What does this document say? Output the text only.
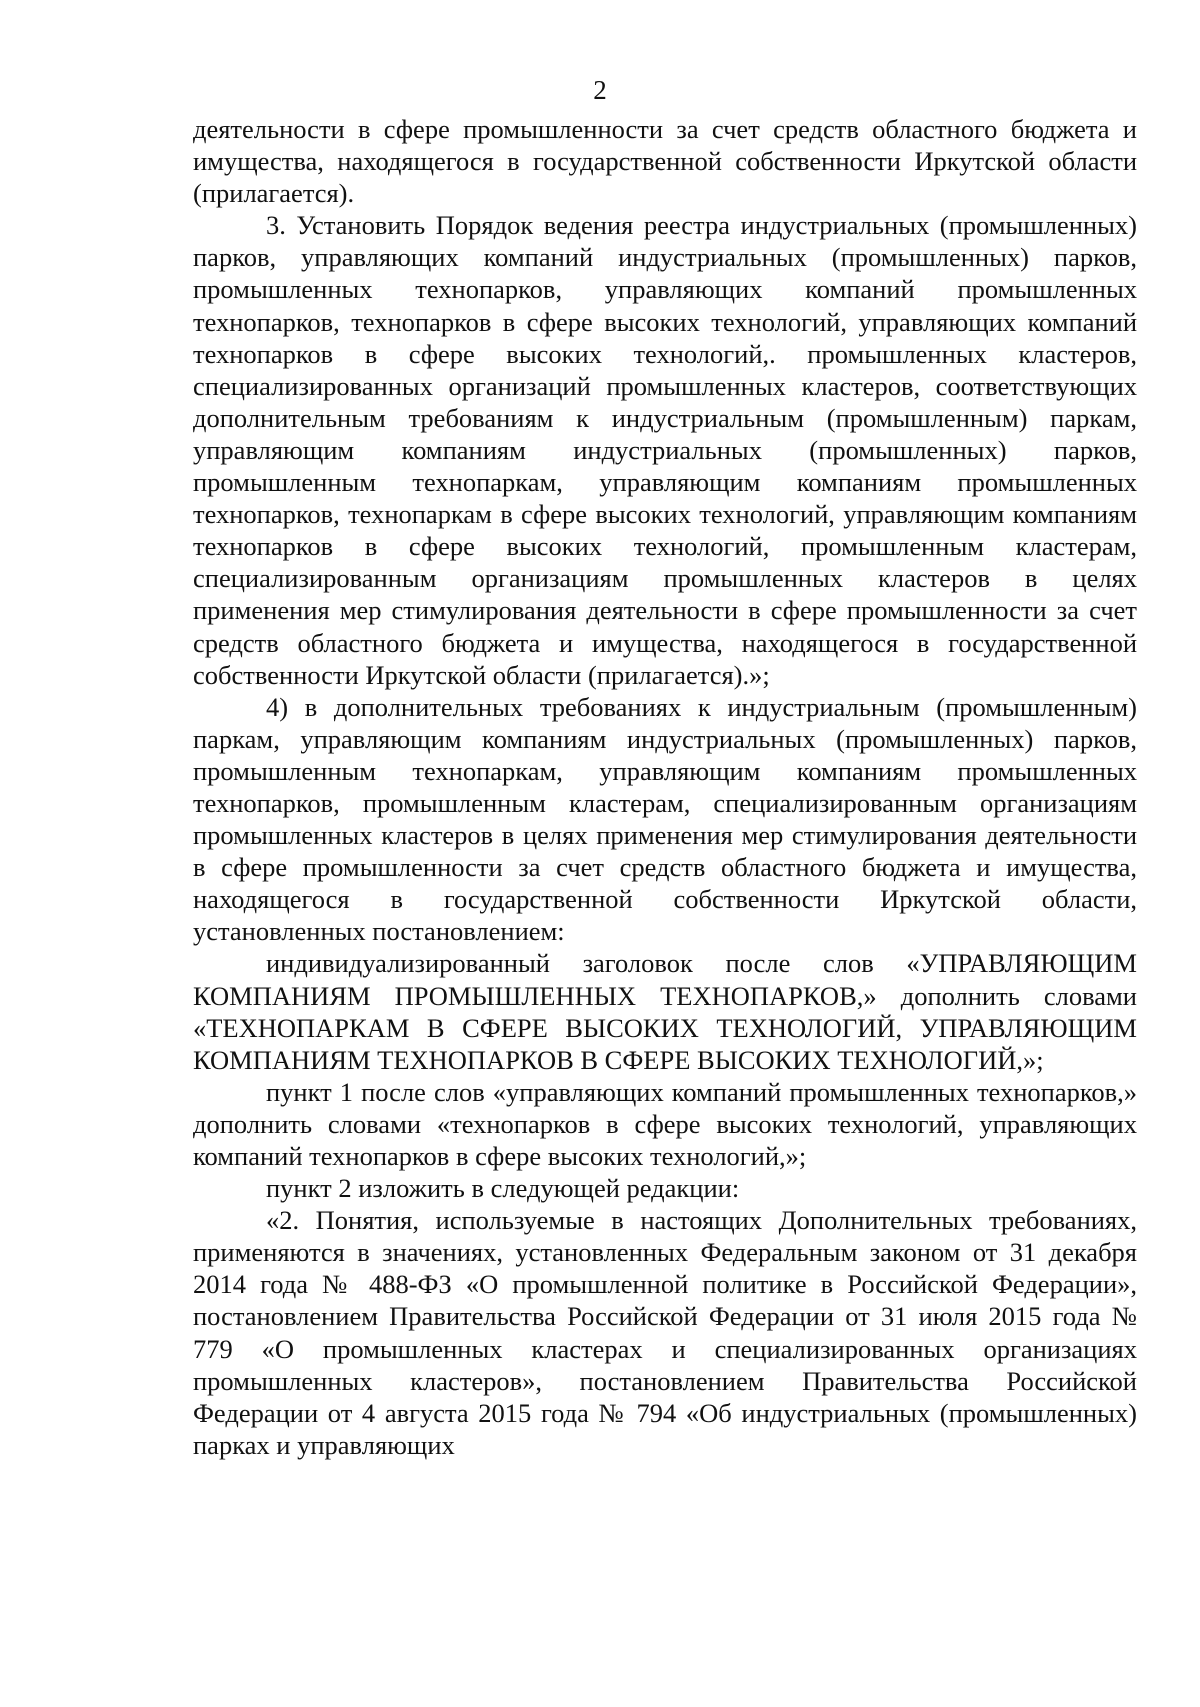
2

деятельности в сфере промышленности за счет средств областного бюджета и имущества, находящегося в государственной собственности Иркутской области (прилагается).

3. Установить Порядок ведения реестра индустриальных (промышленных) парков, управляющих компаний индустриальных (промышленных) парков, промышленных технопарков, управляющих компаний промышленных технопарков, технопарков в сфере высоких технологий, управляющих компаний технопарков в сфере высоких технологий,. промышленных кластеров, специализированных организаций промышленных кластеров, соответствующих дополнительным требованиям к индустриальным (промышленным) паркам, управляющим компаниям индустриальных (промышленных) парков, промышленным технопаркам, управляющим компаниям промышленных технопарков, технопаркам в сфере высоких технологий, управляющим компаниям технопарков в сфере высоких технологий, промышленным кластерам, специализированным организациям промышленных кластеров в целях применения мер стимулирования деятельности в сфере промышленности за счет средств областного бюджета и имущества, находящегося в государственной собственности Иркутской области (прилагается).»;

4) в дополнительных требованиях к индустриальным (промышленным) паркам, управляющим компаниям индустриальных (промышленных) парков, промышленным технопаркам, управляющим компаниям промышленных технопарков, промышленным кластерам, специализированным организациям промышленных кластеров в целях применения мер стимулирования деятельности в сфере промышленности за счет средств областного бюджета и имущества, находящегося в государственной собственности Иркутской области, установленных постановлением:

индивидуализированный заголовок после слов «УПРАВЛЯЮЩИМ КОМПАНИЯМ ПРОМЫШЛЕННЫХ ТЕХНОПАРКОВ,» дополнить словами «ТЕХНОПАРКАМ В СФЕРЕ ВЫСОКИХ ТЕХНОЛОГИЙ, УПРАВЛЯЮЩИМ КОМПАНИЯМ ТЕХНОПАРКОВ В СФЕРЕ ВЫСОКИХ ТЕХНОЛОГИЙ,»;

пункт 1 после слов «управляющих компаний промышленных технопарков,» дополнить словами «технопарков в сфере высоких технологий, управляющих компаний технопарков в сфере высоких технологий,»;

пункт 2 изложить в следующей редакции:

«2. Понятия, используемые в настоящих Дополнительных требованиях, применяются в значениях, установленных Федеральным законом от 31 декабря 2014 года № 488-ФЗ «О промышленной политике в Российской Федерации», постановлением Правительства Российской Федерации от 31 июля 2015 года № 779 «О промышленных кластерах и специализированных организациях промышленных кластеров», постановлением Правительства Российской Федерации от 4 августа 2015 года № 794 «Об индустриальных (промышленных) парках и управляющих
